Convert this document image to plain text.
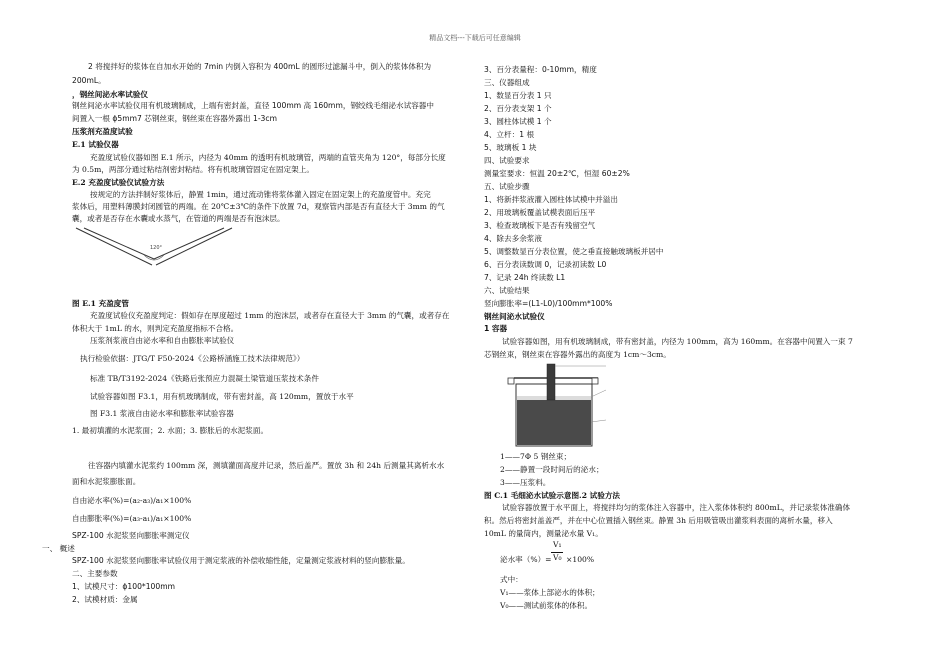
精品文档---下载后可任意编辑
2 将搅拌好的浆体在自加水开始的 7min 内倒入容积为 400mL 的圆形过滤漏斗中，倒入的浆体体积为
200mL。
，钢丝间泌水率试验仪
钢丝间泌水率试验仪用有机玻璃制成，上端有密封盖，直径 100mm 高 160mm，钢绞线毛细泌水试容器中
间置入一根 ɸ5mm7 芯钢丝束，钢丝束在容器外露出 1-3cm
压浆剂充盈度试验
E.1 试验仪器
充盈度试验仪器如图 E.1 所示，内径为 40mm 的透明有机玻璃管，两端的直管夹角为 120°，每部分长度
为 0.5m，两部分通过粘结剂密封粘结。将有机玻璃管固定在固定架上。
E.2 充盈度试验仪试验方法
按规定的方法拌制好浆体后，静置 1min，通过流动锥将浆体灌入固定在固定架上的充盈度管中。充完
浆体后，用塑料薄膜封闭圆管的两端。在 20℃±3℃的条件下放置 7d，观察管内部是否有直径大于 3mm 的气
囊，或者是否存在水囊或水蒸气，在管道的两端是否有泡沫层。
120°
图 E.1 充盈度管
充盈度试验仪充盈度判定：假如存在厚度超过 1mm 的泡沫层，或者存在直径大于 3mm 的气囊，或者存在
体积大于 1mL 的水，则判定充盈度指标不合格。
压浆剂浆液自由泌水率和自由膨胀率试验仪
执行检验依据：JTG/T F50-2024《公路桥涵施工技术法律规范》）
标准 TB/T3192-2024《铁路后张预应力混凝土梁管道压浆技术条件
试验容器如图 F3.1，用有机玻璃制成，带有密封盖，高 120mm，置放于水平
图 F3.1 浆液自由泌水率和膨胀率试验容器
1. 最初填灌的水泥浆面；2. 水面；3. 膨胀后的水泥浆面。
往容器内填灌水泥浆约 100mm 深，测填灌面高度并记录，然后盖严。置放 3h 和 24h 后测量其离析水水
面和水泥浆膨胀面。
自由泌水率(%)=(a₂-a₃)/a₁×100%
自由膨胀率(%)=(a₃-a₁)/a₁×100%
SPZ-100 水泥浆竖向膨胀率测定仪
一、 概述
SPZ-100 水泥浆竖向膨胀率试验仪用于测定浆液的补偿收缩性能，定量测定浆液材料的竖向膨胀量。
二、主要参数
1、试模尺寸：ɸ100*100mm
2、试模材质：金属
3、百分表量程：0-10mm，精度
三、仪器组成
1、数显百分表 1 只
2、百分表支架 1 个
3、圆柱体试模 1 个
4、立杆：1 根
5、玻璃板 1 块
四、试验要求
测量室要求：恒温 20±2℃，恒湿 60±2%
五、试验步骤
1、将新拌浆液灌入圆柱体试模中并溢出
2、用玻璃板覆盖试模表面后压平
3、检查玻璃板下是否有残留空气
4、除去多余浆液
5、调整数显百分表位置，使之垂直接触玻璃板并居中
6、百分表读数调 0，记录初读数 L0
7、记录 24h 终读数 L1
六、试验结果
竖向膨胀率=(L1-L0)/100mm*100%
钢丝间泌水试验仪
1 容器
试验容器如图，用有机玻璃制成，带有密封盖，内径为 100mm，高为 160mm。在容器中间置入一束 7
芯钢丝束，钢丝束在容器外露出的高度为 1cm～3cm。
1——7Φ 5 钢丝束；
2——静置一段时间后的泌水；
3——压浆料。
图 C.1 毛细泌水试验示意图.2 试验方法
试验容器放置于水平面上，将搅拌均匀的浆体注入容器中，注入浆体体积约 800mL，并记录浆体准确体
积。然后将密封盖盖严，并在中心位置插入钢丝束。静置 3h 后用吸管吸出灌浆料表面的离析水量，移入
10mL 的量筒内，测量泌水量 V₁。
泌水率（%）=
V₁
V₀ ×100%
式中：
V₁——浆体上部泌水的体积；
V₀——测试前浆体的体积。
